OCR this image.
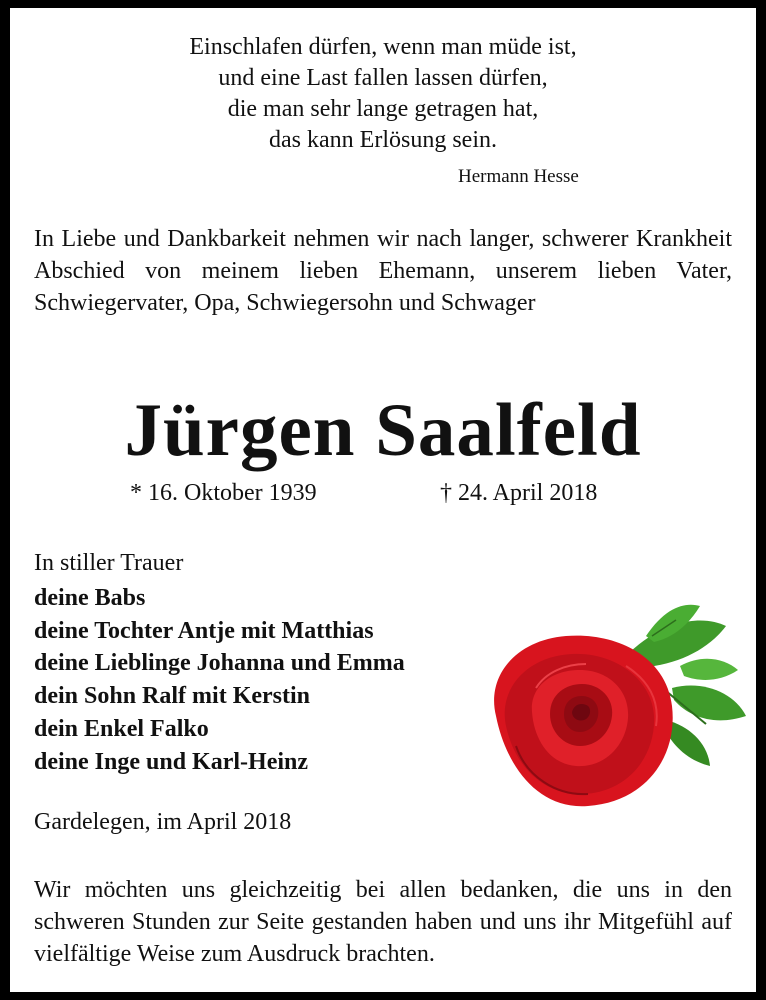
Einschlafen dürfen, wenn man müde ist,
und eine Last fallen lassen dürfen,
die man sehr lange getragen hat,
das kann Erlösung sein.
Hermann Hesse
In Liebe und Dankbarkeit nehmen wir nach langer, schwerer Krankheit Abschied von meinem lieben Ehemann, unserem lieben Vater, Schwiegervater, Opa, Schwiegersohn und Schwager
Jürgen Saalfeld
* 16. Oktober 1939	† 24. April 2018
In stiller Trauer
deine Babs
deine Tochter Antje mit Matthias
deine Lieblinge Johanna und Emma
dein Sohn Ralf mit Kerstin
dein Enkel Falko
deine Inge und Karl-Heinz
Gardelegen, im April 2018
Wir möchten uns gleichzeitig bei allen bedanken, die uns in den schweren Stunden zur Seite gestanden haben und uns ihr Mitgefühl auf vielfältige Weise zum Ausdruck brachten.
